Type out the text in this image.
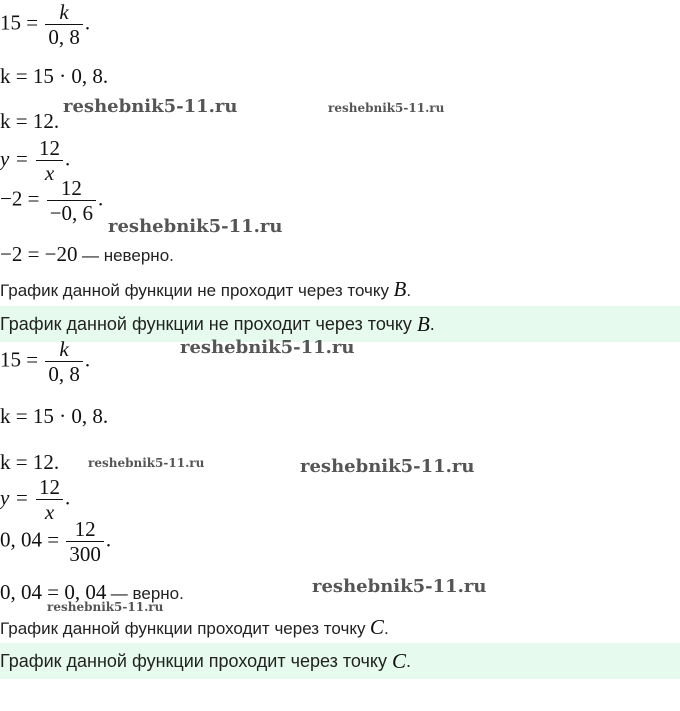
$15 = \frac{k}{0, 8}$ .
k = 15 · 0, 8.
k = 12.
$y = \frac{12}{x}$ .
$-2 = \frac{12}{-0, 6}$ .
−2 = −20 — неверно.
График данной функции не проходит через точку B.
График данной функции не проходит через точку
B .
$15 = \frac{k}{0, 8}$ .
k = 15 · 0, 8.
k = 12.
$y = \frac{12}{x}$ .
0, $04 = \frac{12}{300}$ .
0, 04 = 0, 04 — верно.
График данной функции проходит через точку C.
График данной функции проходит через точку
C .
reshebnik5-11.ru	reshebnik5-11.ru
reshebnik5-11.ru
reshebnik5-11.ru
reshebnik5-11.ru	reshebnik5-11.ru
reshebnik5-11.ru
reshebnik5-11.ru
